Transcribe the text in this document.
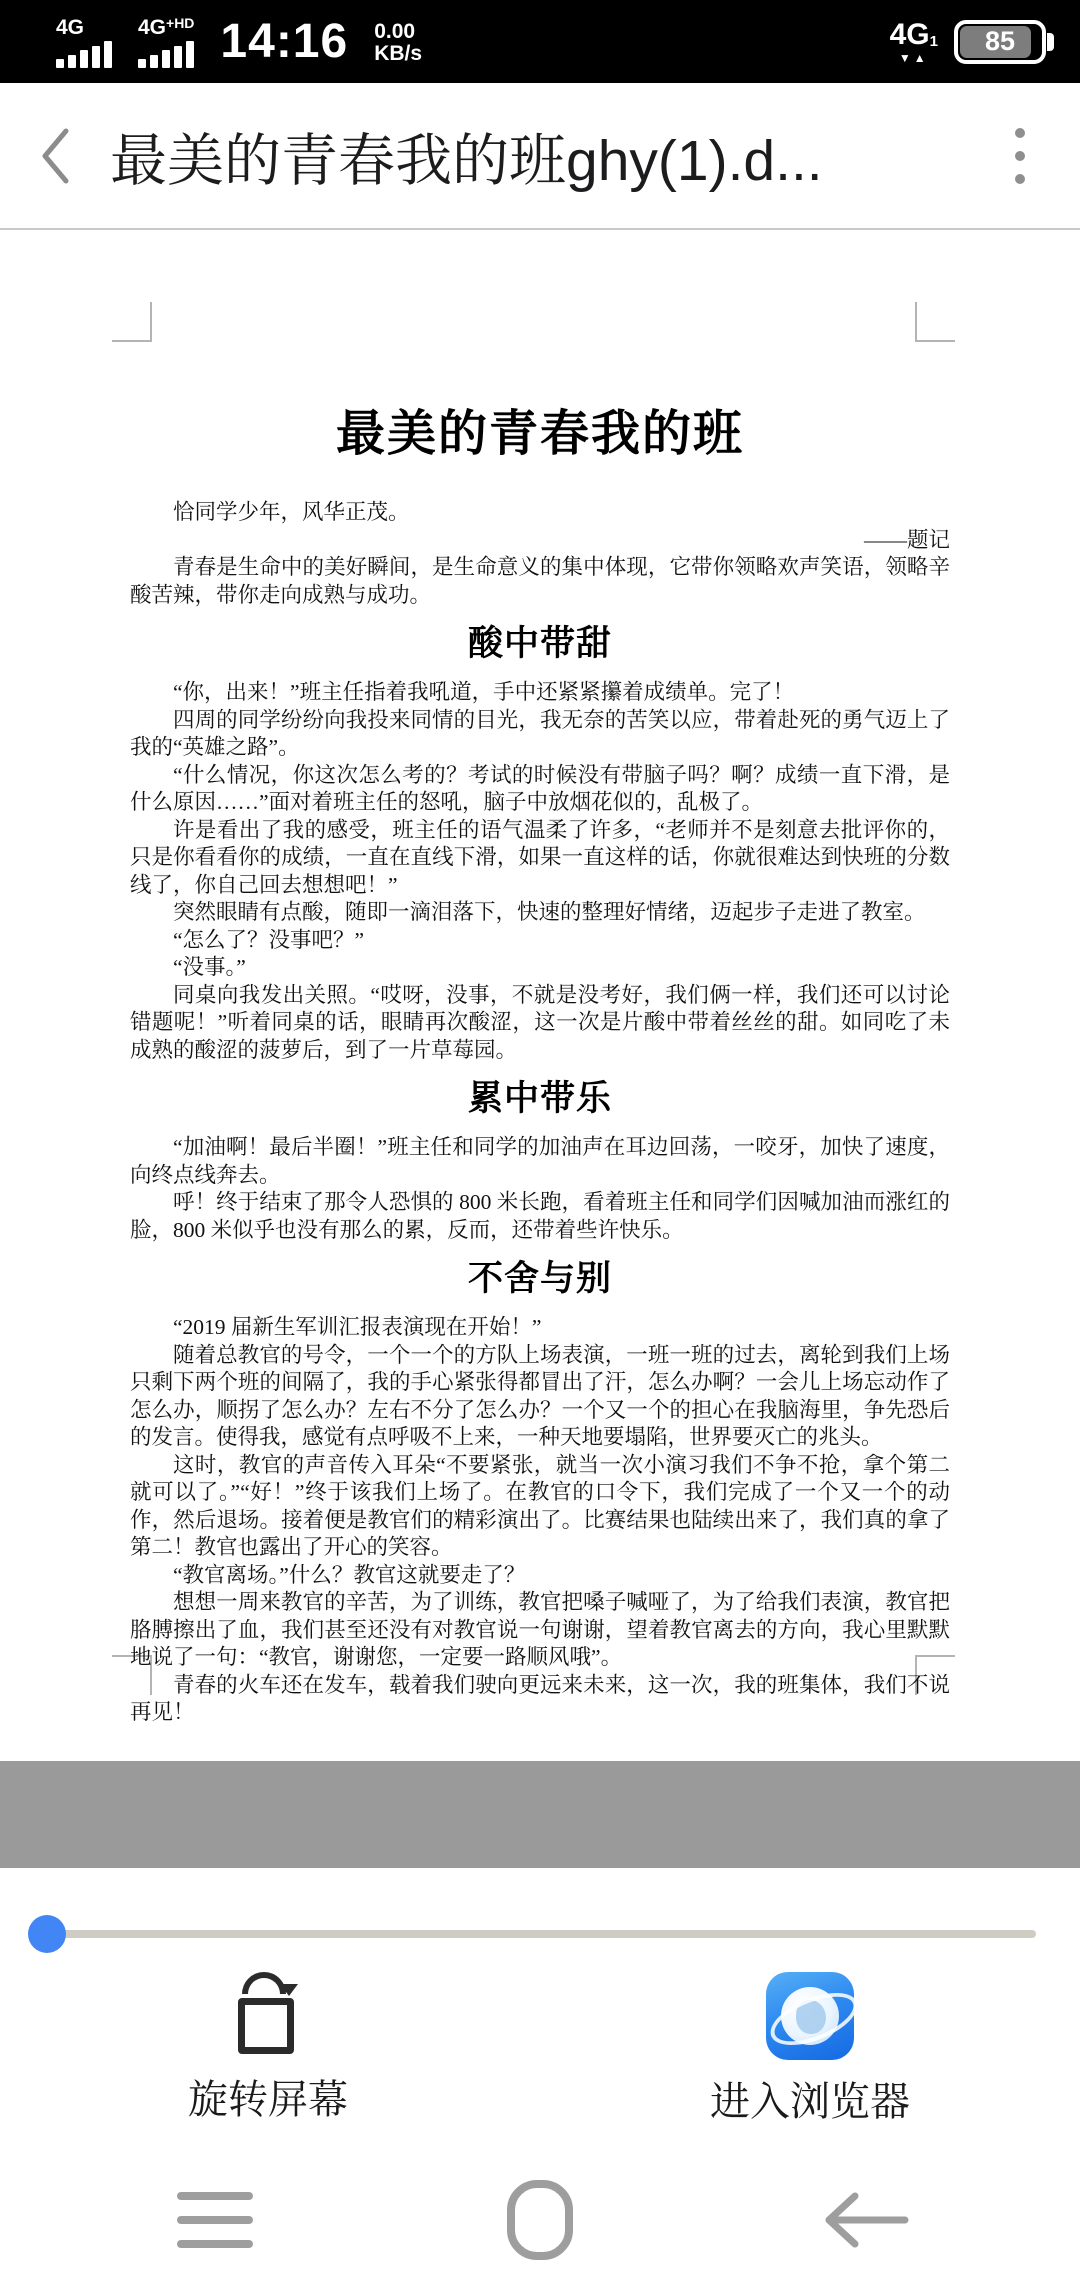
4G	$4G^{+HD}$ 14:16 0.00
KB/s
4G1
▼▲
85
最美的青春我的班ghy(1).d...
最美的青春我的班

恰同学少年，风华正茂。

——题记

青春是生命中的美好瞬间，是生命意义的集中体现，它带你领略欢声笑语，领略辛酸苦辣，带你走向成熟与成功。

酸中带甜

“你，出来！”班主任指着我吼道，手中还紧紧攥着成绩单。完了！

四周的同学纷纷向我投来同情的目光，我无奈的苦笑以应，带着赴死的勇气迈上了我的“英雄之路”。

“什么情况，你这次怎么考的？考试的时候没有带脑子吗？啊？成绩一直下滑，是什么原因……”面对着班主任的怒吼，脑子中放烟花似的，乱极了。

许是看出了我的感受，班主任的语气温柔了许多，“老师并不是刻意去批评你的，只是你看看你的成绩，一直在直线下滑，如果一直这样的话，你就很难达到快班的分数线了，你自己回去想想吧！”

突然眼睛有点酸，随即一滴泪落下，快速的整理好情绪，迈起步子走进了教室。

“怎么了？没事吧？”

“没事。”

同桌向我发出关照。“哎呀，没事，不就是没考好，我们俩一样，我们还可以讨论错题呢！”听着同桌的话，眼睛再次酸涩，这一次是片酸中带着丝丝的甜。如同吃了未成熟的酸涩的菠萝后，到了一片草莓园。

累中带乐

“加油啊！最后半圈！”班主任和同学的加油声在耳边回荡，一咬牙，加快了速度，向终点线奔去。

呼！终于结束了那令人恐惧的 800 米长跑，看着班主任和同学们因喊加油而涨红的脸，800 米似乎也没有那么的累，反而，还带着些许快乐。

不舍与别

“2019 届新生军训汇报表演现在开始！”

随着总教官的号令，一个一个的方队上场表演，一班一班的过去，离轮到我们上场只剩下两个班的间隔了，我的手心紧张得都冒出了汗，怎么办啊？一会儿上场忘动作了怎么办，顺拐了怎么办？左右不分了怎么办？一个又一个的担心在我脑海里，争先恐后的发言。使得我，感觉有点呼吸不上来，一种天地要塌陷，世界要灭亡的兆头。

这时，教官的声音传入耳朵“不要紧张，就当一次小演习我们不争不抢，拿个第二就可以了。”“好！”终于该我们上场了。在教官的口令下，我们完成了一个又一个的动作，然后退场。接着便是教官们的精彩演出了。比赛结果也陆续出来了，我们真的拿了第二！教官也露出了开心的笑容。

“教官离场。”什么？教官这就要走了？

想想一周来教官的辛苦，为了训练，教官把嗓子喊哑了，为了给我们表演，教官把胳膊擦出了血，我们甚至还没有对教官说一句谢谢，望着教官离去的方向，我心里默默地说了一句：“教官，谢谢您，一定要一路顺风哦”。

青春的火车还在发车，载着我们驶向更远来未来，这一次，我的班集体，我们不说再见！

旋转屏幕	进入浏览器
